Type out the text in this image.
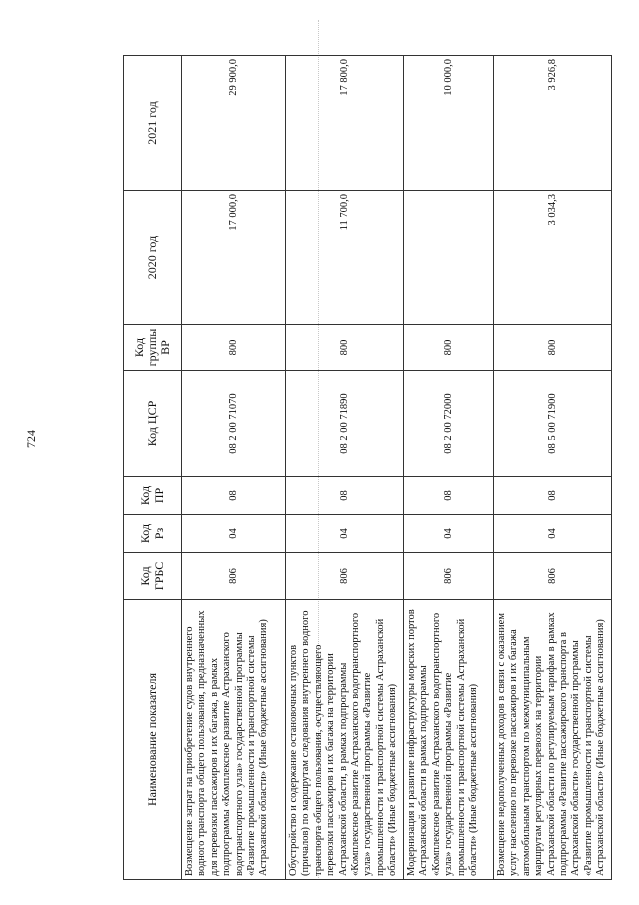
724
Наименование показателя	Код ГРБС	Код Рз	Код ПР	Код ЦСР	Код группы ВР	2020 год	2021 год
Возмещение затрат на приобретение судов внутреннего водного транспорта общего пользования, предназначенных для перевозки пассажиров и их багажа, в рамках подпрограммы «Комплексное развитие Астраханского водотранспортного узла» государственной программы «Развитие промышленности и транспортной системы Астраханской области» (Иные бюджетные ассигнования)	806	04	08	08 2 00 71070	800	17 000,0	29 900,0
Обустройство и содержание остановочных пунктов (причалов) по маршрутам следования внутреннего водного транспорта общего пользования, осуществляющего перевозки пассажиров и их багажа на территории Астраханской области, в рамках подпрограммы «Комплексное развитие Астраханского водотранспортного узла» государственной программы «Развитие промышленности и транспортной системы Астраханской области» (Иные бюджетные ассигнования)	806	04	08	08 2 00 71890	800	11 700,0	17 800,0
Модернизация и развитие инфраструктуры морских портов Астраханской области в рамках подпрограммы «Комплексное развитие Астраханского водотранспортного узла» государственной программы «Развитие промышленности и транспортной системы Астраханской области» (Иные бюджетные ассигнования)	806	04	08	08 2 00 72000	800		10 000,0
Возмещение недополученных доходов в связи с оказанием услуг населению по перевозке пассажиров и их багажа автомобильным транспортом по межмуниципальным маршрутам регулярных перевозок на территории Астраханской области по регулируемым тарифам в рамках подпрограммы «Развитие пассажирского транспорта в Астраханской области» государственной программы «Развитие промышленности и транспортной системы Астраханской области» (Иные бюджетные ассигнования)	806	04	08	08 5 00 71900	800	3 034,3	3 926,8
